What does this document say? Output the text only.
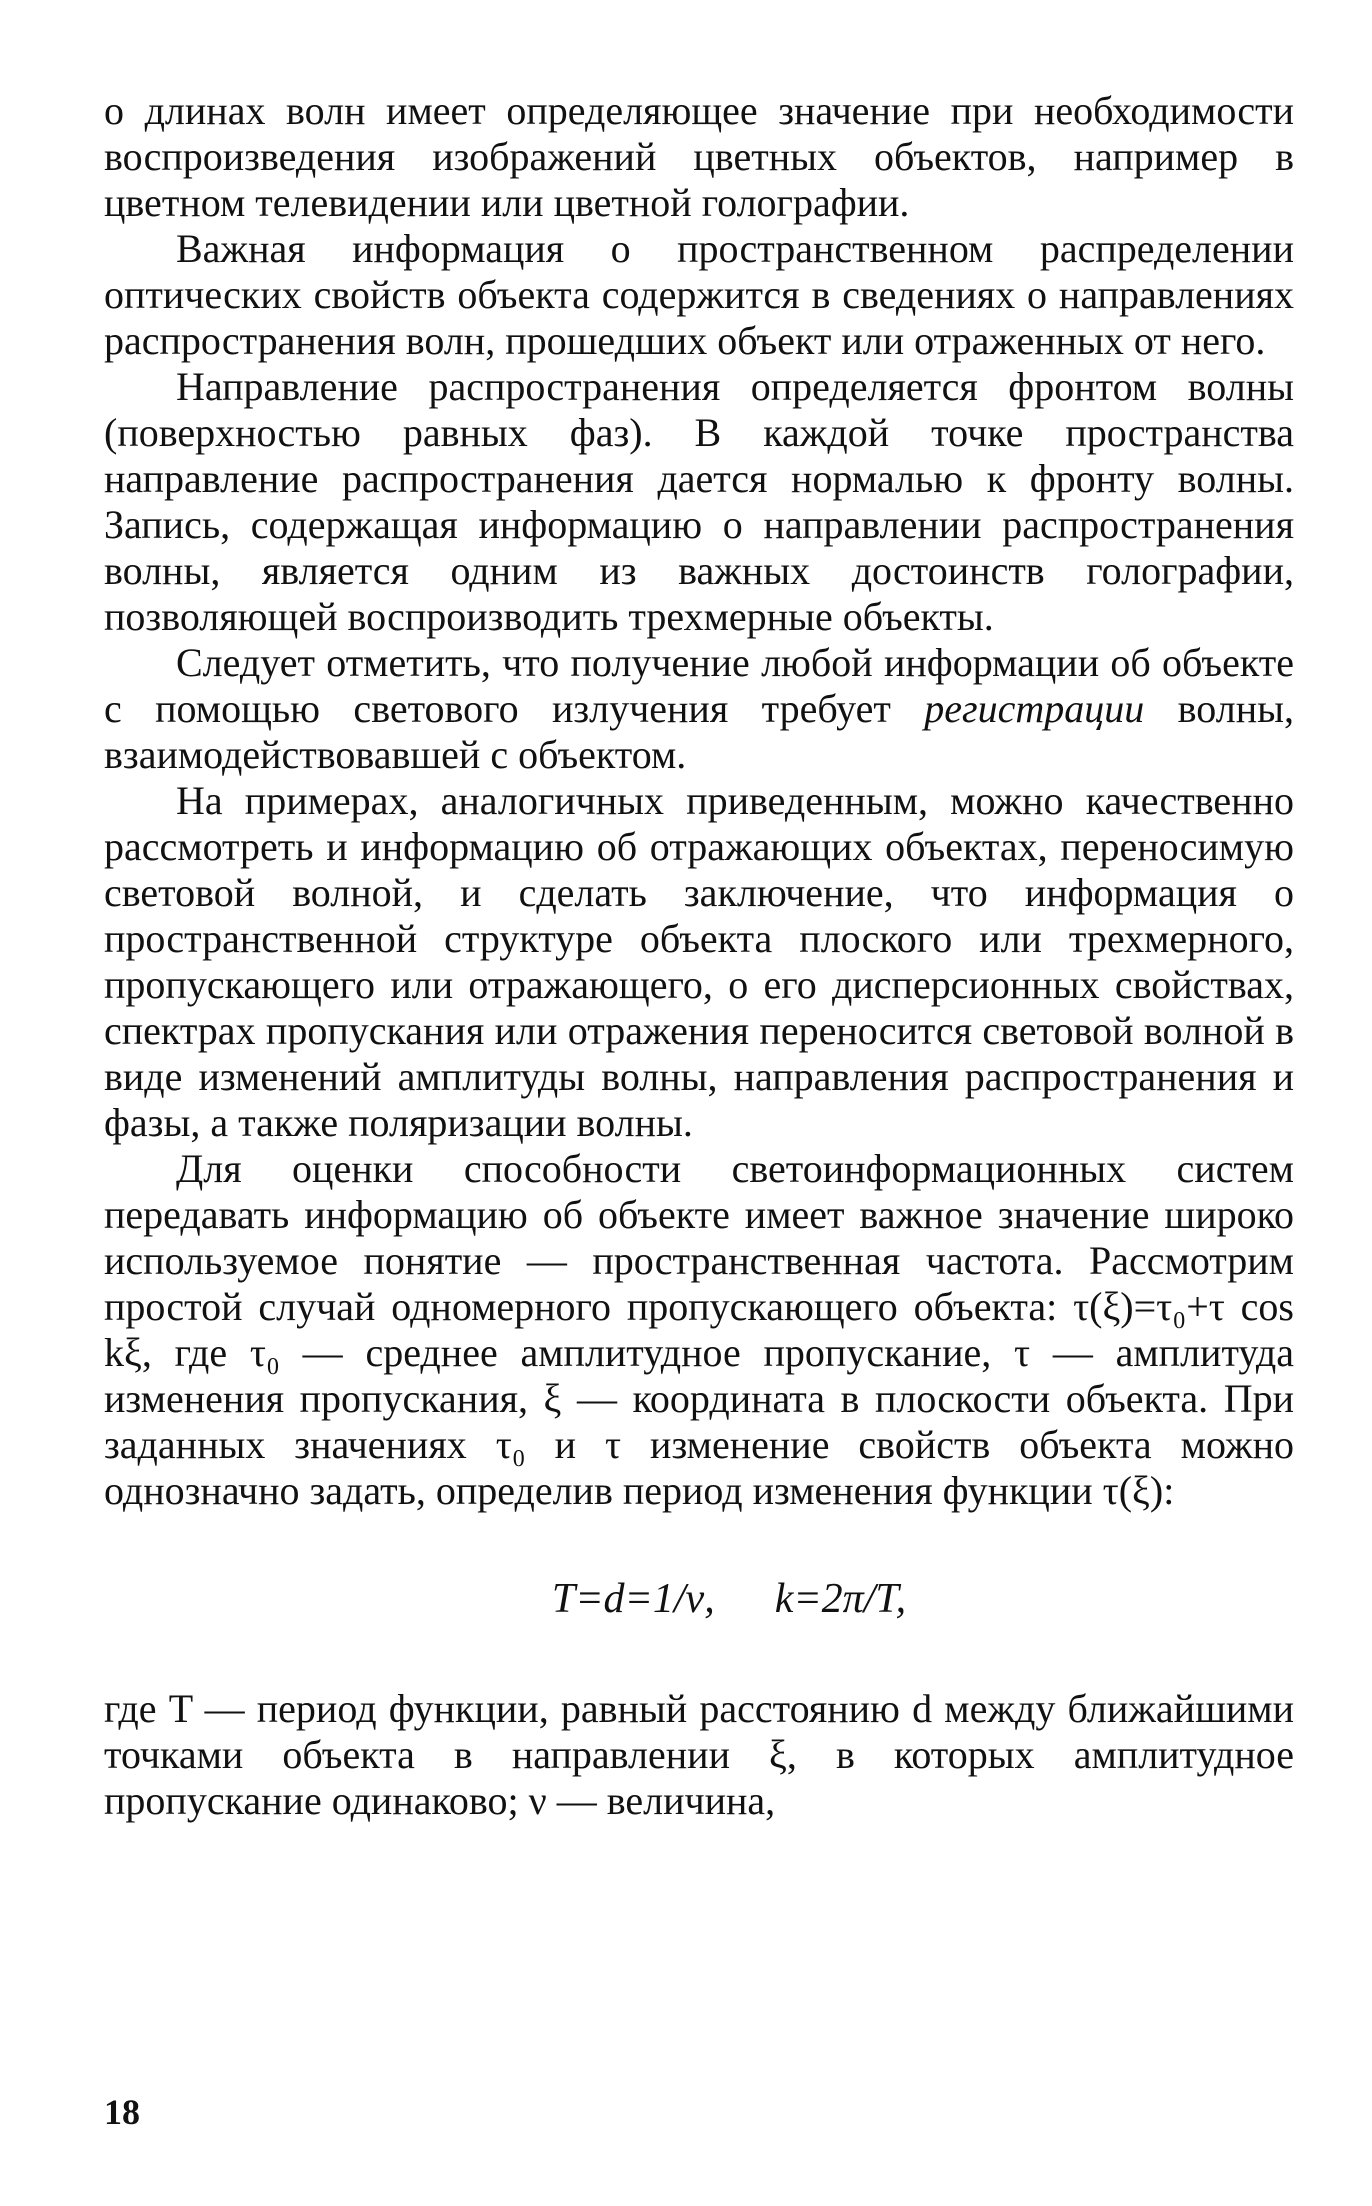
о длинах волн имеет определяющее значение при необходимости воспроизведения изображений цветных объектов, например в цветном телевидении или цветной голографии.

Важная информация о пространственном распределении оптических свойств объекта содержится в сведениях о направлениях распространения волн, прошедших объект или отраженных от него.

Направление распространения определяется фронтом волны (поверхностью равных фаз). В каждой точке пространства направление распространения дается нормалью к фронту волны. Запись, содержащая информацию о направлении распространения волны, является одним из важных достоинств голографии, позволяющей воспроизводить трехмерные объекты.

Следует отметить, что получение любой информации об объекте с помощью светового излучения требует регистрации волны, взаимодействовавшей с объектом.

На примерах, аналогичных приведенным, можно качественно рассмотреть и информацию об отражающих объектах, переносимую световой волной, и сделать заключение, что информация о пространственной структуре объекта плоского или трехмерного, пропускающего или отражающего, о его дисперсионных свойствах, спектрах пропускания или отражения переносится световой волной в виде изменений амплитуды волны, направления распространения и фазы, а также поляризации волны.

Для оценки способности светоинформационных систем передавать информацию об объекте имеет важное значение широко используемое понятие — пространственная частота. Рассмотрим простой случай одномерного пропускающего объекта: τ(ξ)=τ₀+τ cos kξ, где τ₀ — среднее амплитудное пропускание, τ — амплитуда изменения пропускания, ξ — координата в плоскости объекта. При заданных значениях τ₀ и τ изменение свойств объекта можно однозначно задать, определив период изменения функции τ(ξ):

T=d=1/ν, k=2π/T,

где T — период функции, равный расстоянию d между ближайшими точками объекта в направлении ξ, в которых амплитудное пропускание одинаково; ν — величина,

18
